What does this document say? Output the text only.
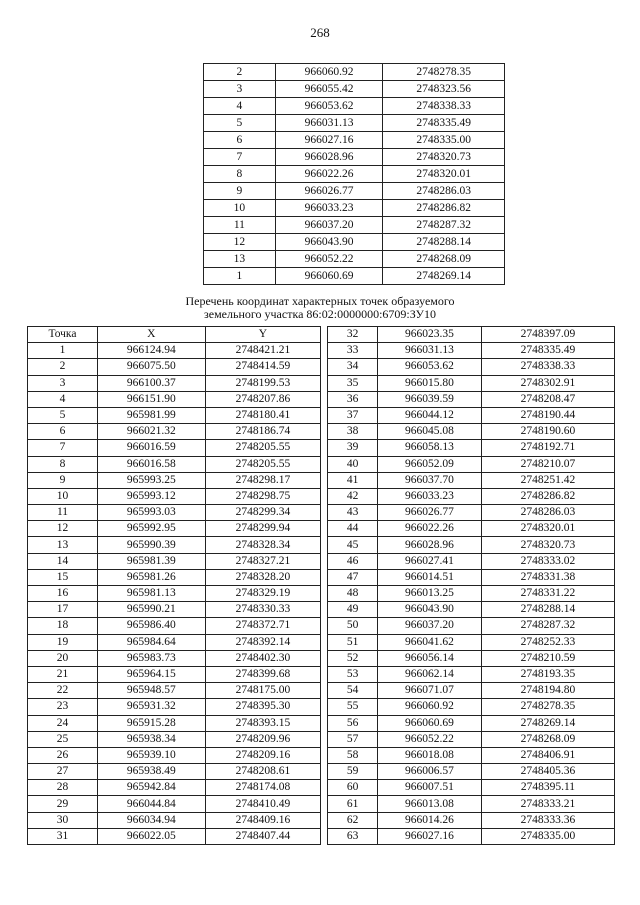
268
2	966060.92	2748278.35
3	966055.42	2748323.56
4	966053.62	2748338.33
5	966031.13	2748335.49
6	966027.16	2748335.00
7	966028.96	2748320.73
8	966022.26	2748320.01
9	966026.77	2748286.03
10	966033.23	2748286.82
11	966037.20	2748287.32
12	966043.90	2748288.14
13	966052.22	2748268.09
1	966060.69	2748269.14
Перечень координат характерных точек образуемого
земельного участка 86:02:0000000:6709:ЗУ10
Точка	X	Y		32	966023.35	2748397.09
1	966124.94	2748421.21		33	966031.13	2748335.49
2	966075.50	2748414.59		34	966053.62	2748338.33
3	966100.37	2748199.53		35	966015.80	2748302.91
4	966151.90	2748207.86		36	966039.59	2748208.47
5	965981.99	2748180.41		37	966044.12	2748190.44
6	966021.32	2748186.74		38	966045.08	2748190.60
7	966016.59	2748205.55		39	966058.13	2748192.71
8	966016.58	2748205.55		40	966052.09	2748210.07
9	965993.25	2748298.17		41	966037.70	2748251.42
10	965993.12	2748298.75		42	966033.23	2748286.82
11	965993.03	2748299.34		43	966026.77	2748286.03
12	965992.95	2748299.94		44	966022.26	2748320.01
13	965990.39	2748328.34		45	966028.96	2748320.73
14	965981.39	2748327.21		46	966027.41	2748333.02
15	965981.26	2748328.20		47	966014.51	2748331.38
16	965981.13	2748329.19		48	966013.25	2748331.22
17	965990.21	2748330.33		49	966043.90	2748288.14
18	965986.40	2748372.71		50	966037.20	2748287.32
19	965984.64	2748392.14		51	966041.62	2748252.33
20	965983.73	2748402.30		52	966056.14	2748210.59
21	965964.15	2748399.68		53	966062.14	2748193.35
22	965948.57	2748175.00		54	966071.07	2748194.80
23	965931.32	2748395.30		55	966060.92	2748278.35
24	965915.28	2748393.15		56	966060.69	2748269.14
25	965938.34	2748209.96		57	966052.22	2748268.09
26	965939.10	2748209.16		58	966018.08	2748406.91
27	965938.49	2748208.61		59	966006.57	2748405.36
28	965942.84	2748174.08		60	966007.51	2748395.11
29	966044.84	2748410.49		61	966013.08	2748333.21
30	966034.94	2748409.16		62	966014.26	2748333.36
31	966022.05	2748407.44		63	966027.16	2748335.00
